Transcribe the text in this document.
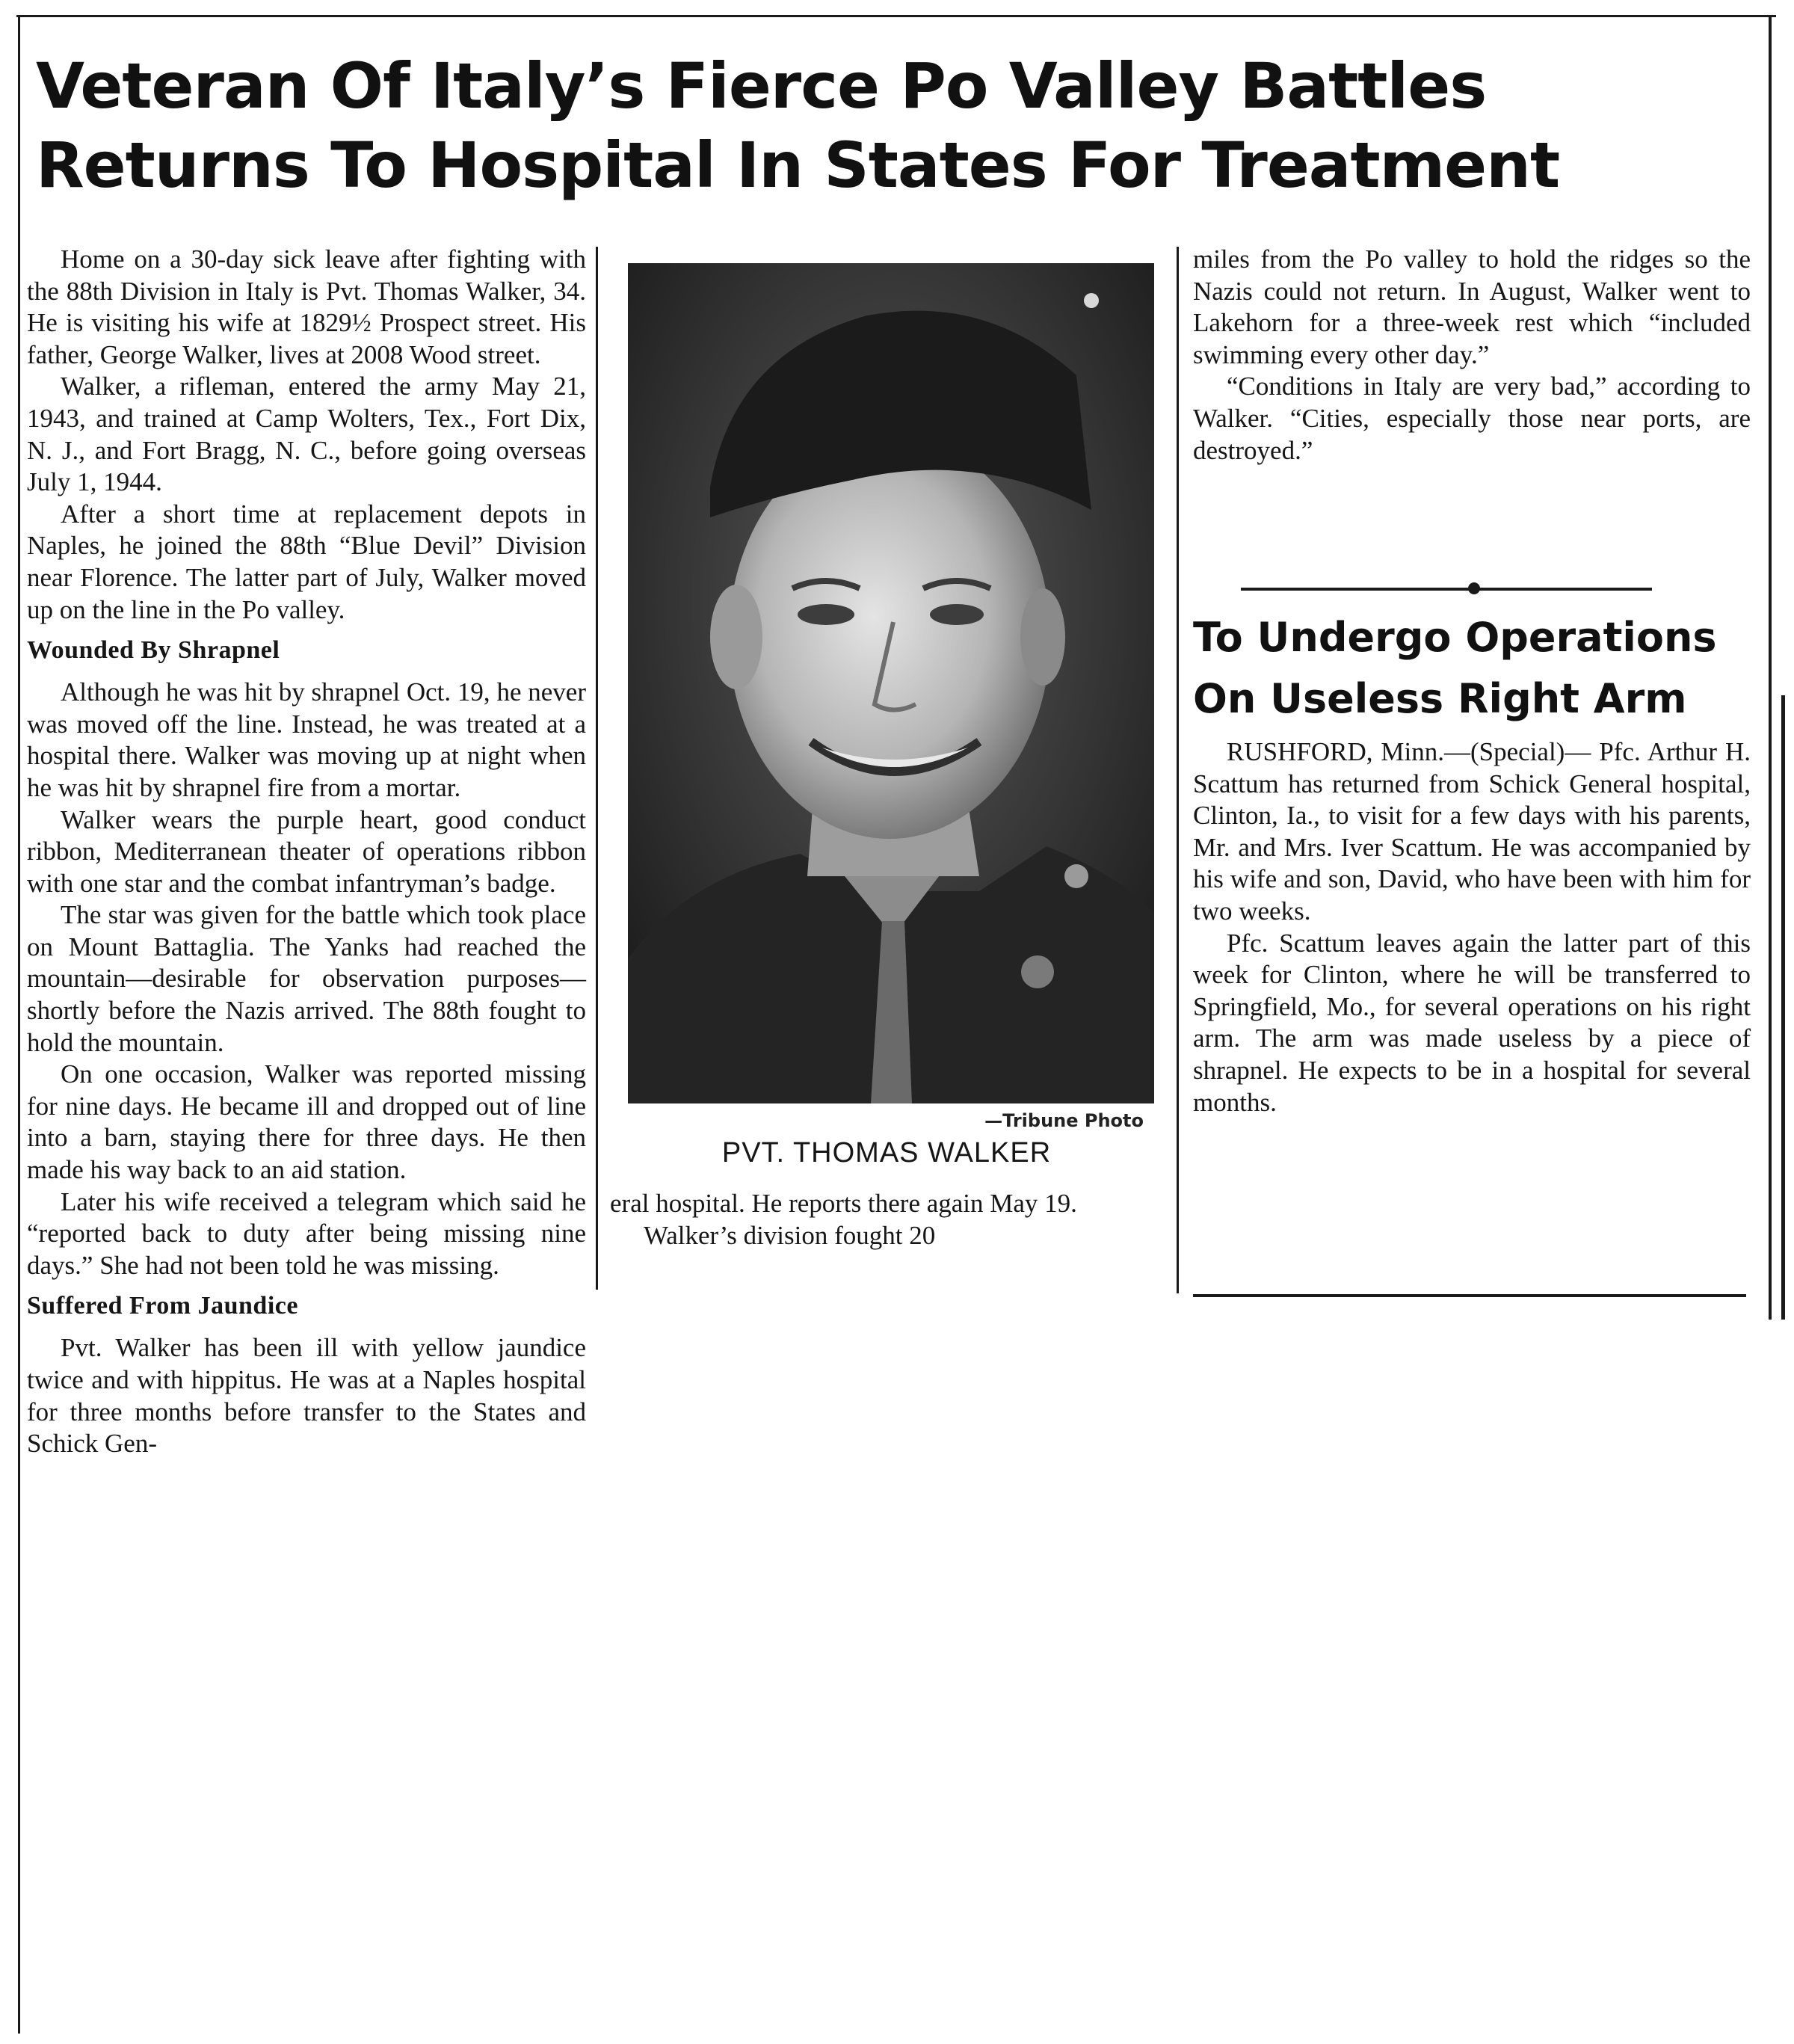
Veteran Of Italy’s Fierce Po Valley Battles
Returns To Hospital In States For Treatment

Home on a 30-day sick leave after fighting with the 88th Division in Italy is Pvt. Thomas Walker, 34. He is visiting his wife at 1829½ Prospect street. His father, George Walker, lives at 2008 Wood street.

Walker, a rifleman, entered the army May 21, 1943, and trained at Camp Wolters, Tex., Fort Dix, N. J., and Fort Bragg, N. C., before going overseas July 1, 1944.

After a short time at replacement depots in Naples, he joined the 88th “Blue Devil” Division near Florence. The latter part of July, Walker moved up on the line in the Po valley.

Wounded By Shrapnel

Although he was hit by shrapnel Oct. 19, he never was moved off the line. Instead, he was treated at a hospital there. Walker was moving up at night when he was hit by shrapnel fire from a mortar.

Walker wears the purple heart, good conduct ribbon, Mediterranean theater of operations ribbon with one star and the combat infantryman’s badge.

The star was given for the battle which took place on Mount Battaglia. The Yanks had reached the mountain—desirable for observation purposes—shortly before the Nazis arrived. The 88th fought to hold the mountain.

On one occasion, Walker was reported missing for nine days. He became ill and dropped out of line into a barn, staying there for three days. He then made his way back to an aid station.

Later his wife received a telegram which said he “reported back to duty after being missing nine days.” She had not been told he was missing.

Suffered From Jaundice

Pvt. Walker has been ill with yellow jaundice twice and with hippitus. He was at a Naples hospital for three months before transfer to the States and Schick Gen-

—Tribune Photo
PVT. THOMAS WALKER

eral hospital. He reports there again May 19.

Walker’s division fought 20

miles from the Po valley to hold the ridges so the Nazis could not return. In August, Walker went to Lakehorn for a three-week rest which “included swimming every other day.”

“Conditions in Italy are very bad,” according to Walker. “Cities, especially those near ports, are destroyed.”

To Undergo Operations
On Useless Right Arm

RUSHFORD, Minn.—(Special)— Pfc. Arthur H. Scattum has returned from Schick General hospital, Clinton, Ia., to visit for a few days with his parents, Mr. and Mrs. Iver Scattum. He was accompanied by his wife and son, David, who have been with him for two weeks.

Pfc. Scattum leaves again the latter part of this week for Clinton, where he will be transferred to Springfield, Mo., for several operations on his right arm. The arm was made useless by a piece of shrapnel. He expects to be in a hospital for several months.
